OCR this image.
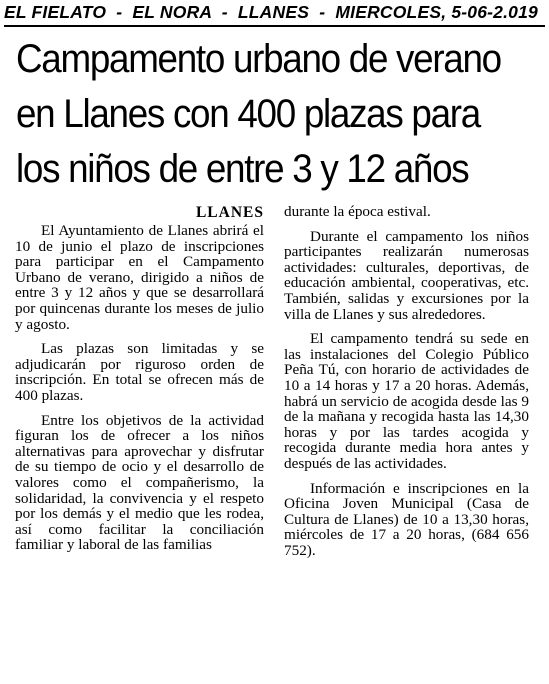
EL FIELATO  -  EL NORA  -  LLANES  -  MIERCOLES, 5-06-2.019
Campamento urbano de verano
en Llanes con 400 plazas para
los niños de entre 3 y 12 años
LLANES

El Ayuntamiento de Llanes abrirá el 10 de junio el plazo de inscripciones para participar en el Campamento Urbano de verano, dirigido a niños de entre 3 y 12 años y que se desarrollará por quincenas durante los meses de julio y agosto.

Las plazas son limitadas y se adjudicarán por riguroso orden de inscripción. En total se ofrecen más de 400 plazas.

Entre los objetivos de la actividad figuran los de ofrecer a los niños alternativas para aprovechar y disfrutar de su tiempo de ocio y el desarrollo de valores como el compañerismo, la solidaridad, la convivencia y el respeto por los demás y el medio que les rodea, así como facilitar la conciliación familiar y laboral de las familias

durante la época estival.

Durante el campamento los niños participantes realizarán numerosas actividades: culturales, deportivas, de educación ambiental, cooperativas, etc. También, salidas y excursiones por la villa de Llanes y sus alrededores.

El campamento tendrá su sede en las instalaciones del Colegio Público Peña Tú, con horario de actividades de 10 a 14 horas y 17 a 20 horas. Además, habrá un servicio de acogida desde las 9 de la mañana y recogida hasta las 14,30 horas y por las tardes acogida y recogida durante media hora antes y después de las actividades.

Información e inscripciones en la Oficina Joven Municipal (Casa de Cultura de Llanes) de 10 a 13,30 horas, miércoles de 17 a 20 horas, (684 656 752).
